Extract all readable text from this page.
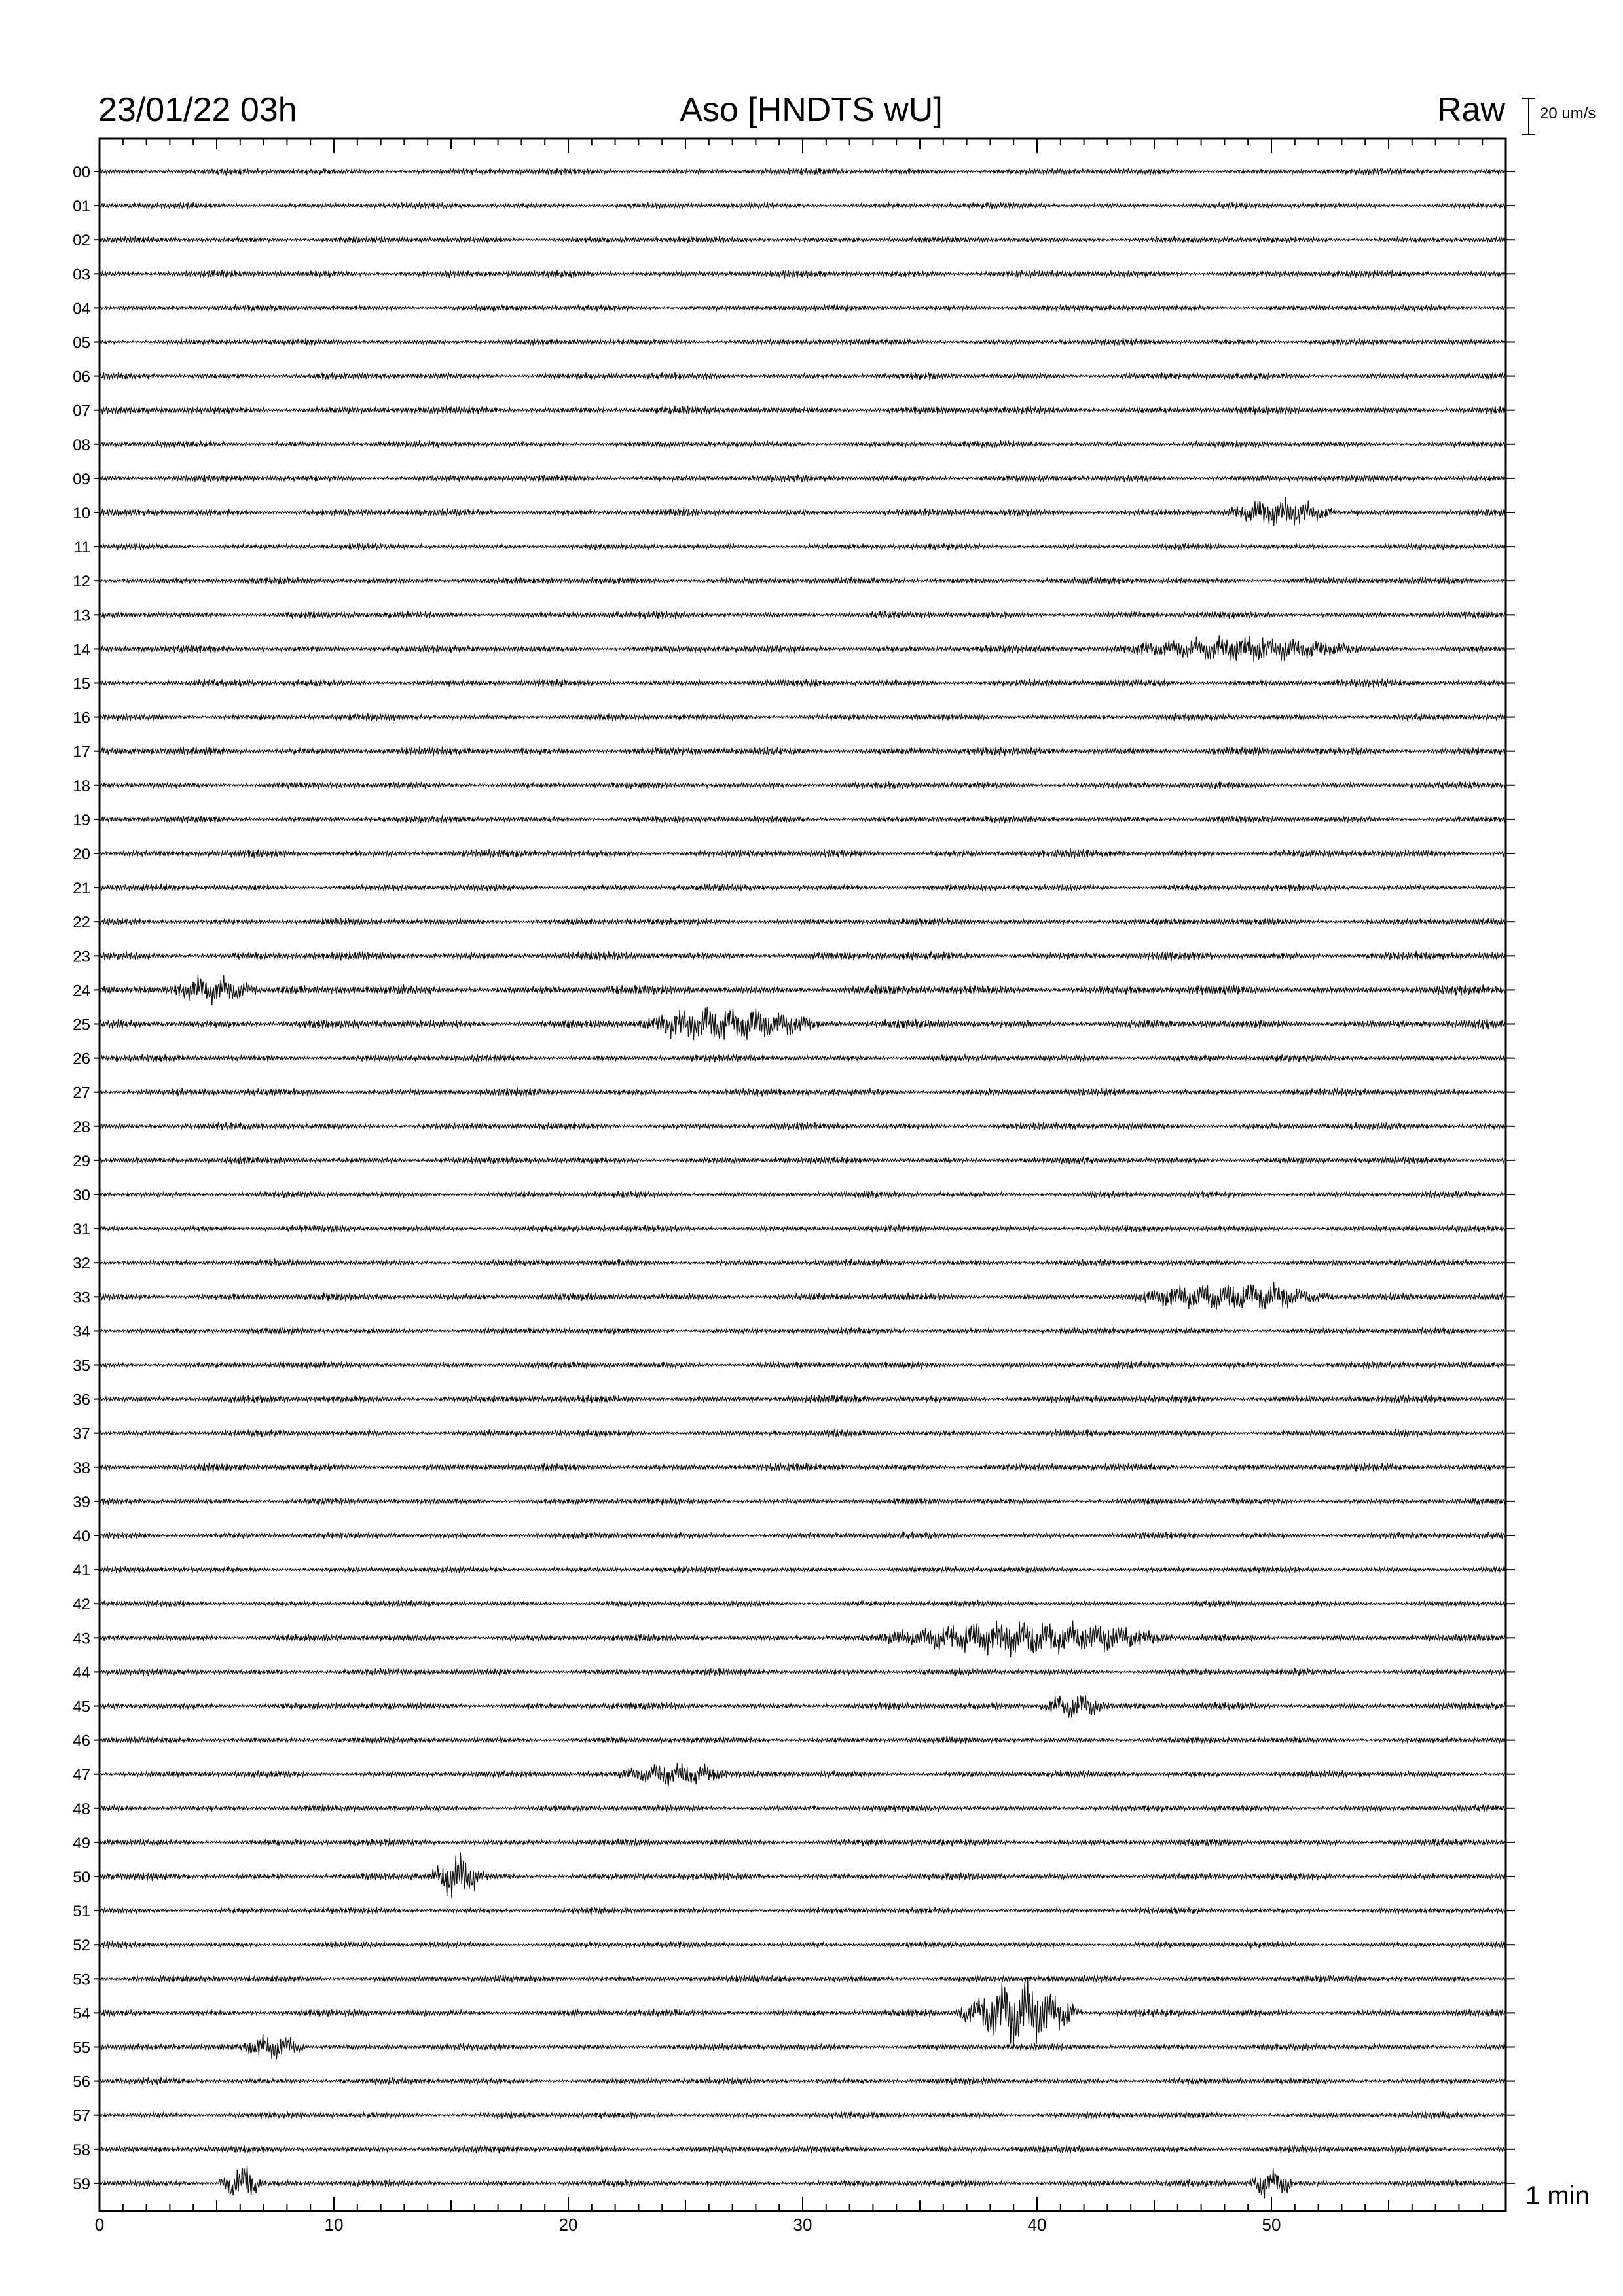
23/01/22 03h	Aso [HNDTS wU]	Raw 20 um/s
1 min
0	10	20	30	40	50
00
01
02
03
04
05
06
07
08
09
10
11
12
13
14
15
16
17
18
19
20
21
22
23
24
25
26
27
28
29
30
31
32
33
34
35
36
37
38
39
40
41
42
43
44
45
46
47
48
49
50
51
52
53
54
55
56
57
58
59
